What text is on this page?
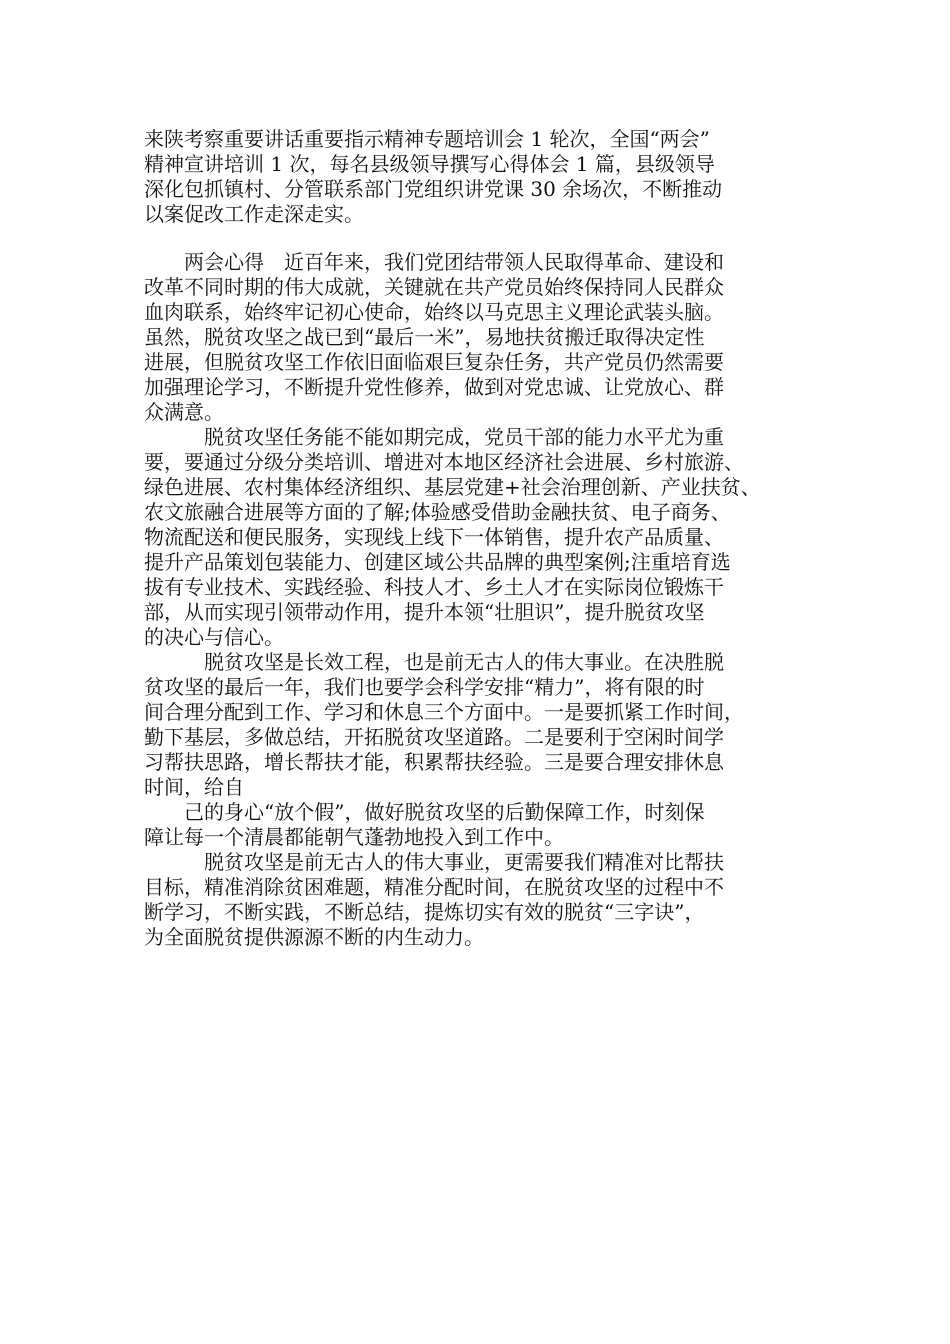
来陕考察重要讲话重要指示精神专题培训会 1 轮次，全国“两会”
精神宣讲培训 1 次，每名县级领导撰写心得体会 1 篇，县级领导
深化包抓镇村、分管联系部门党组织讲党课 30 余场次，不断推动
以案促改工作走深走实。
　　两会心得　近百年来，我们党团结带领人民取得革命、建设和
改革不同时期的伟大成就，关键就在共产党员始终保持同人民群众
血肉联系，始终牢记初心使命，始终以马克思主义理论武装头脑。
虽然，脱贫攻坚之战已到“最后一米”，易地扶贫搬迁取得决定性
进展，但脱贫攻坚工作依旧面临艰巨复杂任务，共产党员仍然需要
加强理论学习，不断提升党性修养，做到对党忠诚、让党放心、群
众满意。
　　　脱贫攻坚任务能不能如期完成，党员干部的能力水平尤为重
要，要通过分级分类培训、增进对本地区经济社会进展、乡村旅游、
绿色进展、农村集体经济组织、基层党建+社会治理创新、产业扶贫、
农文旅融合进展等方面的了解;体验感受借助金融扶贫、电子商务、
物流配送和便民服务，实现线上线下一体销售，提升农产品质量、
提升产品策划包装能力、创建区域公共品牌的典型案例;注重培育选
拔有专业技术、实践经验、科技人才、乡土人才在实际岗位锻炼干
部，从而实现引领带动作用，提升本领“壮胆识”，提升脱贫攻坚
的决心与信心。
　　　脱贫攻坚是长效工程，也是前无古人的伟大事业。在决胜脱
贫攻坚的最后一年，我们也要学会科学安排“精力”，将有限的时
间合理分配到工作、学习和休息三个方面中。一是要抓紧工作时间，
勤下基层，多做总结，开拓脱贫攻坚道路。二是要利于空闲时间学
习帮扶思路，增长帮扶才能，积累帮扶经验。三是要合理安排休息
时间，给自
　　己的身心“放个假”，做好脱贫攻坚的后勤保障工作，时刻保
障让每一个清晨都能朝气蓬勃地投入到工作中。
　　　脱贫攻坚是前无古人的伟大事业，更需要我们精准对比帮扶
目标，精准消除贫困难题，精准分配时间，在脱贫攻坚的过程中不
断学习，不断实践，不断总结，提炼切实有效的脱贫“三字诀”，
为全面脱贫提供源源不断的内生动力。
